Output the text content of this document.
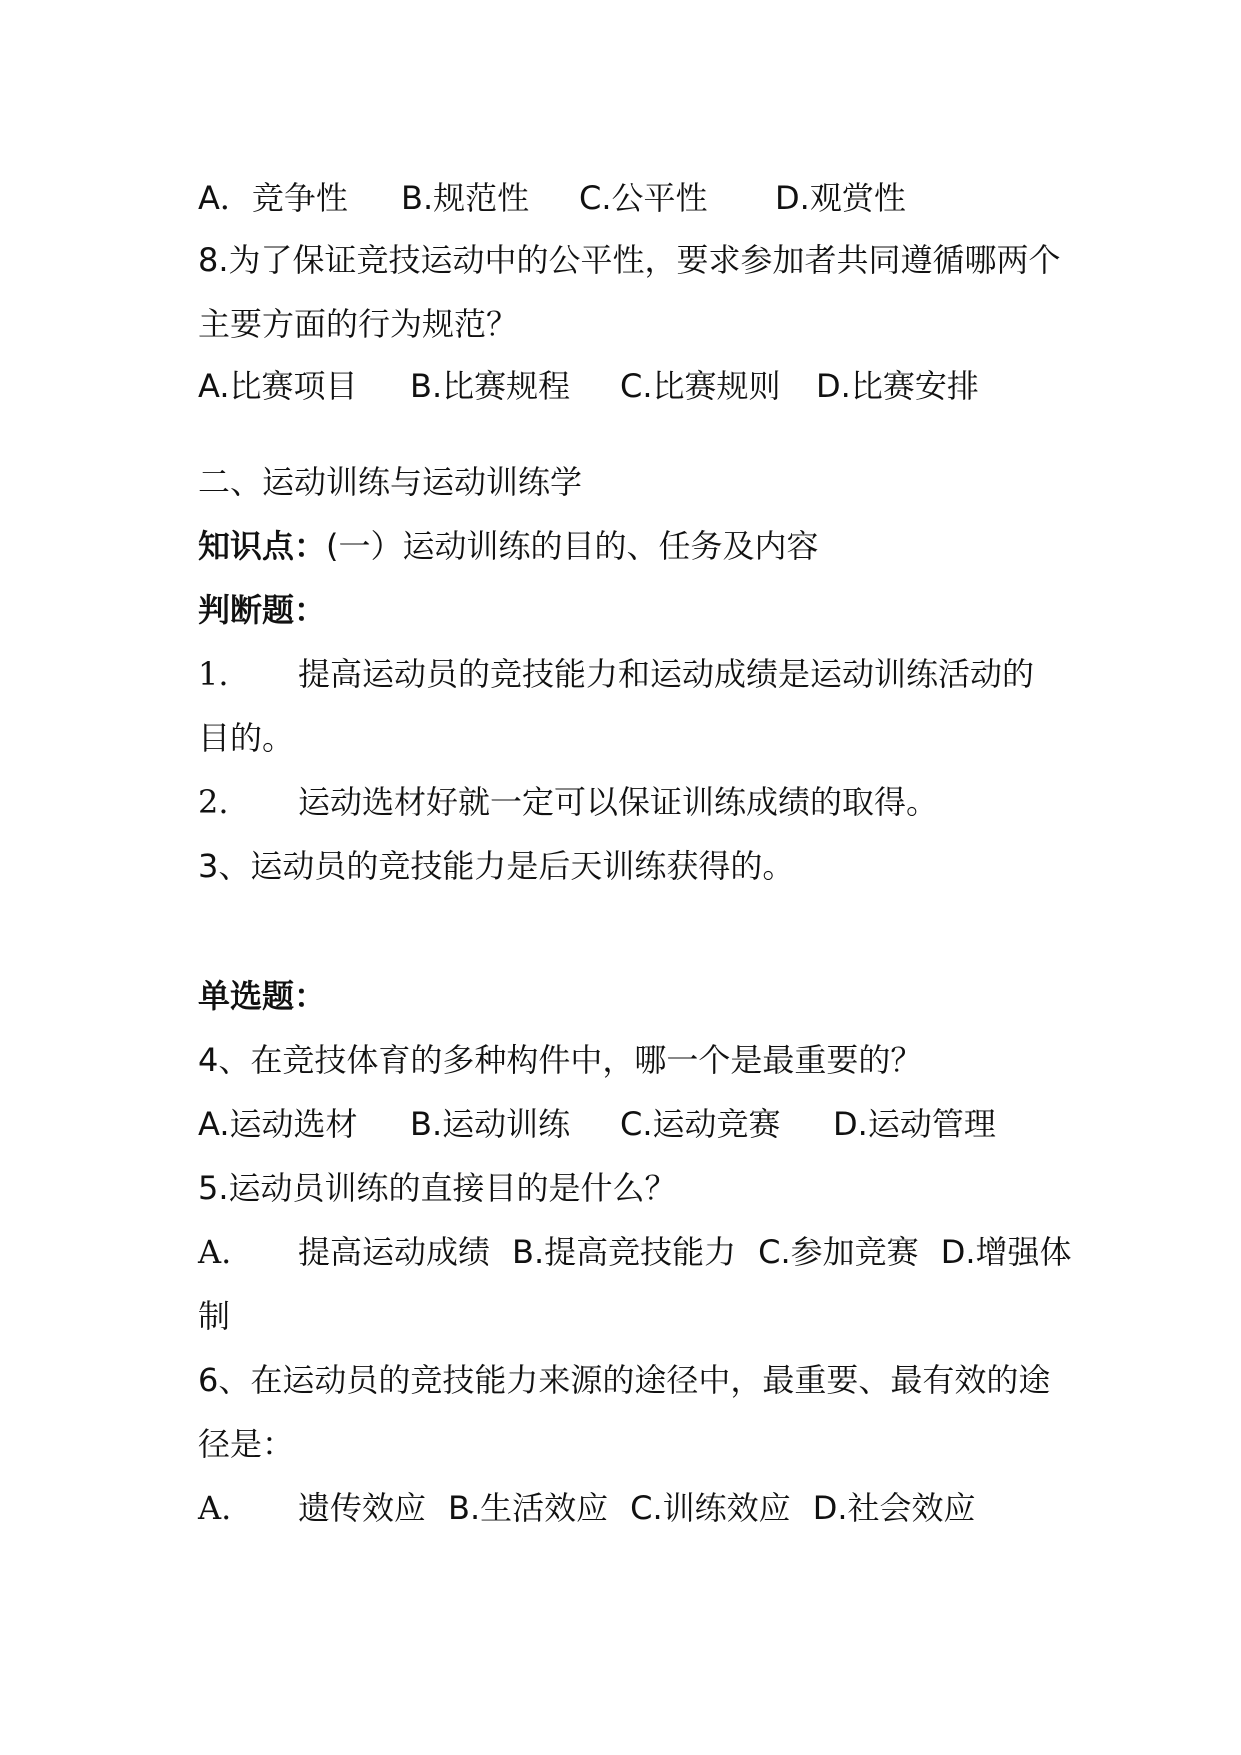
A．竞争性 B.规范性 C.公平性 D.观赏性
8.为了保证竞技运动中的公平性，要求参加者共同遵循哪两个
主要方面的行为规范？
A.比赛项目 B.比赛规程 C.比赛规则 D.比赛安排
二、运动训练与运动训练学
知识点：(一）运动训练的目的、任务及内容
判断题：
1. 提高运动员的竞技能力和运动成绩是运动训练活动的
目的。
2. 运动选材好就一定可以保证训练成绩的取得。
3、运动员的竞技能力是后天训练获得的。
单选题：
4、在竞技体育的多种构件中，哪一个是最重要的？
A.运动选材 B.运动训练 C.运动竞赛 D.运动管理
5.运动员训练的直接目的是什么？
A. 提高运动成绩 B.提高竞技能力 C.参加竞赛 D.增强体
制
6、在运动员的竞技能力来源的途径中，最重要、最有效的途
径是：
A. 遗传效应 B.生活效应 C.训练效应 D.社会效应
